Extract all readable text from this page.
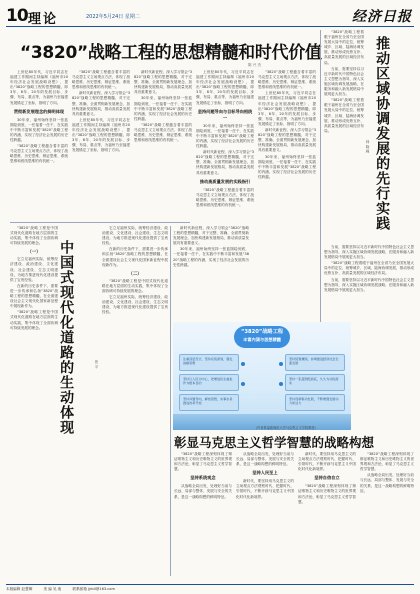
10 理论	2022年5月24日 星期二	经济日报
“3820”战略工程的思想精髓和时代价值
陈 兴 杰

上世纪80年代，习近平同志在福建工作期间主持编制《福州市20年经济社会发展战略设想》，提出“3820”战略工程的思想精髓，即3年、8年、20年的发展目标、步骤、布局、重点等，为福州乃至福建发展锚定了坐标，指明了方向。

贯彻新发展理念的鲜明体现

30年来，福州始终坚持一张蓝图绘到底，一任接着一任干，在实践中不断丰富和发展“3820”战略工程的内涵，实现了经济社会发展的历史性跨越。

“3820”战略工程蕴含着丰富的马克思主义立场观点方法，体现了战略思维、历史思维、辩证思维、系统思维和底线思维的有机统一。

“3820”战略工程蕴含着丰富的马克思主义立场观点方法，体现了战略思维、历史思维、辩证思维、系统思维和底线思维的有机统一。

新时代新征程，深入学习领会“3820”战略工程的思想精髓，对于完整、准确、全面贯彻新发展理念，加快构建新发展格局，推动高质量发展具有重要意义。

上世纪80年代，习近平同志在福建工作期间主持编制《福州市20年经济社会发展战略设想》，提出“3820”战略工程的思想精髓，即3年、8年、20年的发展目标、步骤、布局、重点等，为福州乃至福建发展锚定了坐标，指明了方向。

新时代新征程，深入学习领会“3820”战略工程的思想精髓，对于完整、准确、全面贯彻新发展理念，加快构建新发展格局，推动高质量发展具有重要意义。

30年来，福州始终坚持一张蓝图绘到底，一任接着一任干，在实践中不断丰富和发展“3820”战略工程的内涵，实现了经济社会发展的历史性跨越。

“3820”战略工程蕴含着丰富的马克思主义立场观点方法，体现了战略思维、历史思维、辩证思维、系统思维和底线思维的有机统一。

上世纪80年代，习近平同志在福建工作期间主持编制《福州市20年经济社会发展战略设想》，提出“3820”战略工程的思想精髓，即3年、8年、20年的发展目标、步骤、布局、重点等，为福州乃至福建发展锚定了坐标，指明了方向。

坚持问题导向与目标导向相统一

30年来，福州始终坚持一张蓝图绘到底，一任接着一任干，在实践中不断丰富和发展“3820”战略工程的内涵，实现了经济社会发展的历史性跨越。

新时代新征程，深入学习领会“3820”战略工程的思想精髓，对于完整、准确、全面贯彻新发展理念，加快构建新发展格局，推动高质量发展具有重要意义。

推动高质量发展的实践指引

“3820”战略工程蕴含着丰富的马克思主义立场观点方法，体现了战略思维、历史思维、辩证思维、系统思维和底线思维的有机统一。

“3820”战略工程蕴含着丰富的马克思主义立场观点方法，体现了战略思维、历史思维、辩证思维、系统思维和底线思维的有机统一。

上世纪80年代，习近平同志在福建工作期间主持编制《福州市20年经济社会发展战略设想》，提出“3820”战略工程的思想精髓，即3年、8年、20年的发展目标、步骤、布局、重点等，为福州乃至福建发展锚定了坐标，指明了方向。

新时代新征程，深入学习领会“3820”战略工程的思想精髓，对于完整、准确、全面贯彻新发展理念，加快构建新发展格局，推动高质量发展具有重要意义。

30年来，福州始终坚持一张蓝图绘到底，一任接着一任干，在实践中不断丰富和发展“3820”战略工程的内涵，实现了经济社会发展的历史性跨越。

“3820”战略工程着眼于福州在全省乃至全国发展大局中的定位，统筹城乡、区域、陆海协调发展，推动形成优势互补、高质量发展的区域经济布局。

当前，需要坚持以习近平新时代中国特色社会主义思想为指导，深入实施区域协调发展战略，在服务和融入新发展格局中展现更大担当。

“3820”战略工程着眼于福州在全省乃至全国发展大局中的定位，统筹城乡、区域、陆海协调发展，推动形成优势互补、高质量发展的区域经济布局。	推动区域协调发展的先行实践
林 晓 峰

当前，需要坚持以习近平新时代中国特色社会主义思想为指导，深入实施区域协调发展战略，在服务和融入新发展格局中展现更大担当。

“3820”战略工程着眼于福州在全省乃至全国发展大局中的定位，统筹城乡、区域、陆海协调发展，推动形成优势互补、高质量发展的区域经济布局。

当前，需要坚持以习近平新时代中国特色社会主义思想为指导，深入实施区域协调发展战略，在服务和融入新发展格局中展现更大担当。

“3820”战略工程是中国式现代化道路在地方层面的生动实践，集中体现了全面协调可持续发展的理念。

（一）

它立足福州实际，统筹经济建设、政治建设、文化建设、社会建设、生态文明建设，为地方推进现代化建设提供了宝贵经验。

在新的历史条件下，需要进一步传承和弘扬“3820”战略工程的思想精髓，在全面建设社会主义现代化国家新征程中展现新作为。

“3820”战略工程是中国式现代化道路在地方层面的生动实践，集中体现了全面协调可持续发展的理念。	中国式现代化道路的生动体现	张 平

它立足福州实际，统筹经济建设、政治建设、文化建设、社会建设、生态文明建设，为地方推进现代化建设提供了宝贵经验。

在新的历史条件下，需要进一步传承和弘扬“3820”战略工程的思想精髓，在全面建设社会主义现代化国家新征程中展现新作为。

（二）

“3820”战略工程是中国式现代化道路在地方层面的生动实践，集中体现了全面协调可持续发展的理念。

它立足福州实际，统筹经济建设、政治建设、文化建设、社会建设、生态文明建设，为地方推进现代化建设提供了宝贵经验。

“3820”战略工程
丰富内涵与思想精髓
注重顶层设计，坚持系统谋划，强化战略思维
坚持以人民为中心，把增进民生福祉作为根本目的
坚持问题导向，解放思想，实事求是推进改革开放
坚持统筹兼顾，协调推进经济社会全面发展
坚持一张蓝图绘到底，久久为功抓落实
坚持创新驱动发展，不断增强发展动力和活力

新时代新征程，深入学习领会“3820”战略工程的思想精髓，对于完整、准确、全面贯彻新发展理念，加快构建新发展格局，推动高质量发展具有重要意义。

30年来，福州始终坚持一张蓝图绘到底，一任接着一任干，在实践中不断丰富和发展“3820”战略工程的内涵，实现了经济社会发展的历史性跨越。

（作者系福建师范大学马克思主义学院教授）
彰显马克思主义哲学智慧的战略构想

“3820”战略工程深刻体现了辩证唯物主义和历史唯物主义的世界观和方法论，彰显了马克思主义哲学智慧。

坚持系统观念

从战略全局出发，处理好当前与长远、局部与整体、发展与安全的关系，是这一战略构想的鲜明特征。

从战略全局出发，处理好当前与长远、局部与整体、发展与安全的关系，是这一战略构想的鲜明特征。

坚持人民至上

新时代，要坚持用马克思主义的立场观点方法观察时代、把握时代、引领时代，不断开辟马克思主义中国化时代化新境界。

新时代，要坚持用马克思主义的立场观点方法观察时代、把握时代、引领时代，不断开辟马克思主义中国化时代化新境界。

坚持自信自立

“3820”战略工程深刻体现了辩证唯物主义和历史唯物主义的世界观和方法论，彰显了马克思主义哲学智慧。

“3820”战略工程深刻体现了辩证唯物主义和历史唯物主义的世界观和方法论，彰显了马克思主义哲学智慧。

从战略全局出发，处理好当前与长远、局部与整体、发展与安全的关系，是这一战略构想的鲜明特征。

本版编辑 赵慧卿	美 编 吴 迪	联系邮箱 jjrbll@163.com
